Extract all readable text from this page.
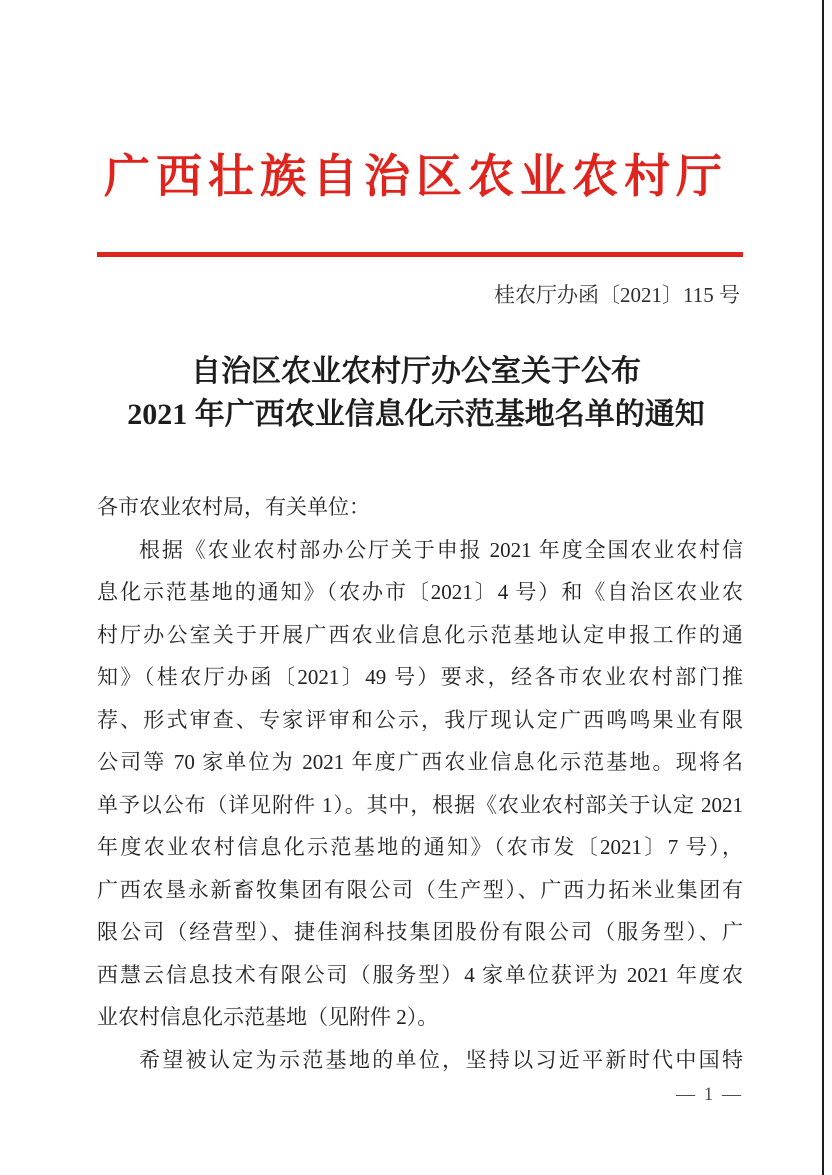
广西壮族自治区农业农村厅
桂农厅办函〔2021〕115 号
自治区农业农村厅办公室关于公布
2021 年广西农业信息化示范基地名单的通知
各市农业农村局，有关单位：
根据《农业农村部办公厅关于申报 2021 年度全国农业农村信
息化示范基地的通知》（农办市〔2021〕4 号）和《自治区农业农
村厅办公室关于开展广西农业信息化示范基地认定申报工作的通
知》（桂农厅办函〔2021〕49 号）要求，经各市农业农村部门推
荐、形式审查、专家评审和公示，我厅现认定广西鸣鸣果业有限
公司等 70 家单位为 2021 年度广西农业信息化示范基地。现将名
单予以公布（详见附件 1）。其中，根据《农业农村部关于认定 2021
年度农业农村信息化示范基地的通知》（农市发〔2021〕7 号），
广西农垦永新畜牧集团有限公司（生产型）、广西力拓米业集团有
限公司（经营型）、捷佳润科技集团股份有限公司（服务型）、广
西慧云信息技术有限公司（服务型）4 家单位获评为 2021 年度农
业农村信息化示范基地（见附件 2）。
希望被认定为示范基地的单位，坚持以习近平新时代中国特
— 1 —
